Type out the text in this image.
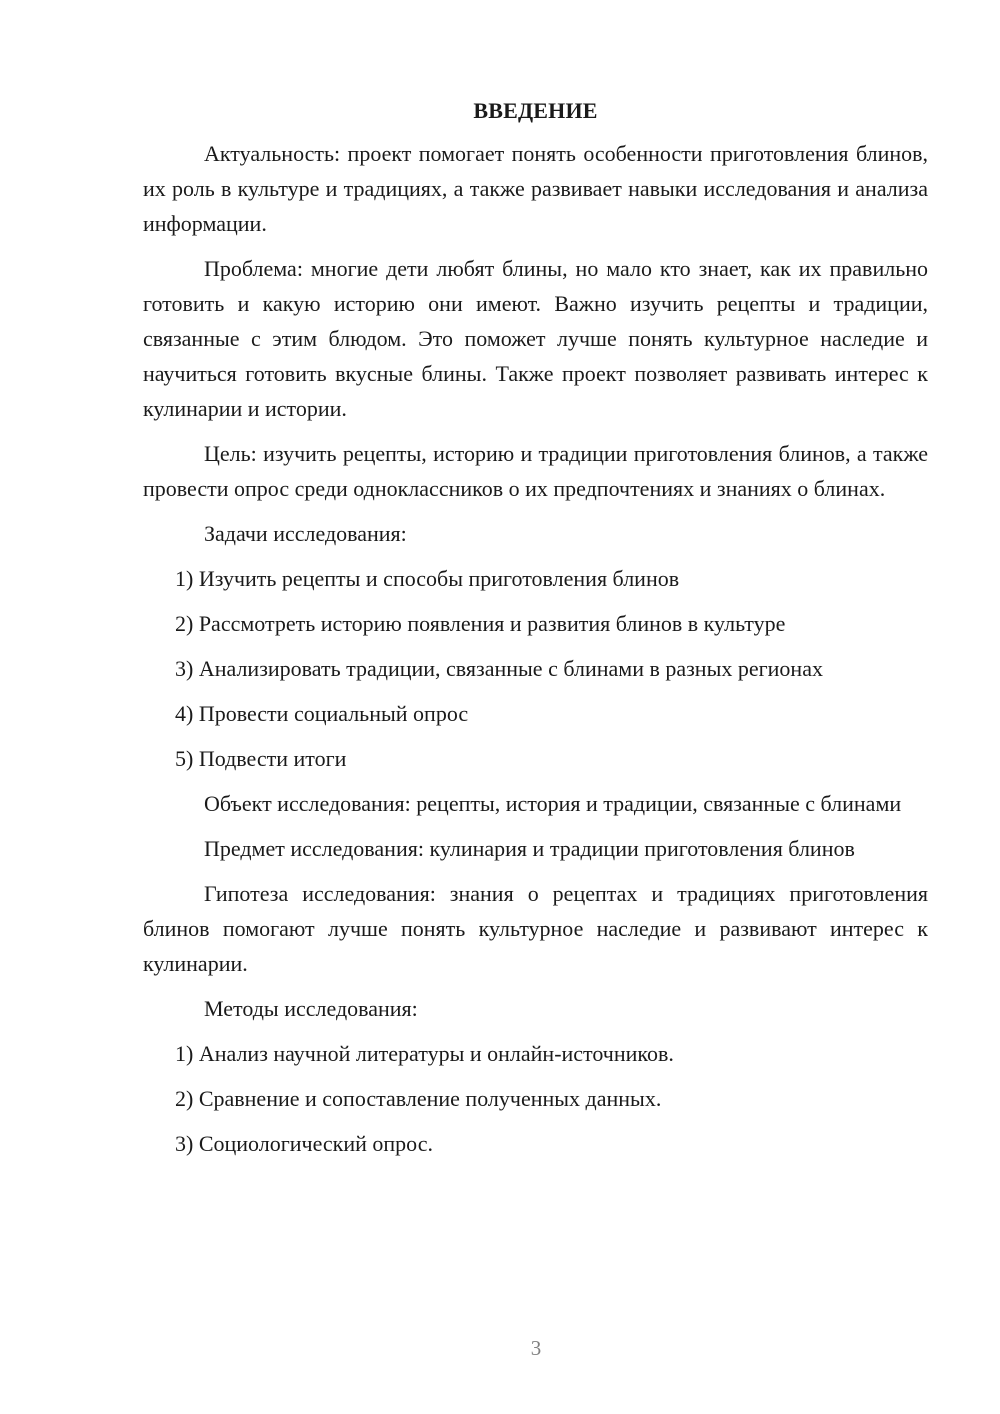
ВВЕДЕНИЕ

Актуальность: проект помогает понять особенности приготовления блинов, их роль в культуре и традициях, а также развивает навыки исследования и анализа информации.

Проблема: многие дети любят блины, но мало кто знает, как их правильно готовить и какую историю они имеют. Важно изучить рецепты и традиции, связанные с этим блюдом. Это поможет лучше понять культурное наследие и научиться готовить вкусные блины. Также проект позволяет развивать интерес к кулинарии и истории.

Цель: изучить рецепты, историю и традиции приготовления блинов, а также провести опрос среди одноклассников о их предпочтениях и знаниях о блинах.

Задачи исследования:

1) Изучить рецепты и способы приготовления блинов
2) Рассмотреть историю появления и развития блинов в культуре
3) Анализировать традиции, связанные с блинами в разных регионах
4) Провести социальный опрос
5) Подвести итоги

Объект исследования: рецепты, история и традиции, связанные с блинами

Предмет исследования: кулинария и традиции приготовления блинов

Гипотеза исследования: знания о рецептах и традициях приготовления блинов помогают лучше понять культурное наследие и развивают интерес к кулинарии.

Методы исследования:

1) Анализ научной литературы и онлайн-источников.
2) Сравнение и сопоставление полученных данных.
3) Социологический опрос.
3
